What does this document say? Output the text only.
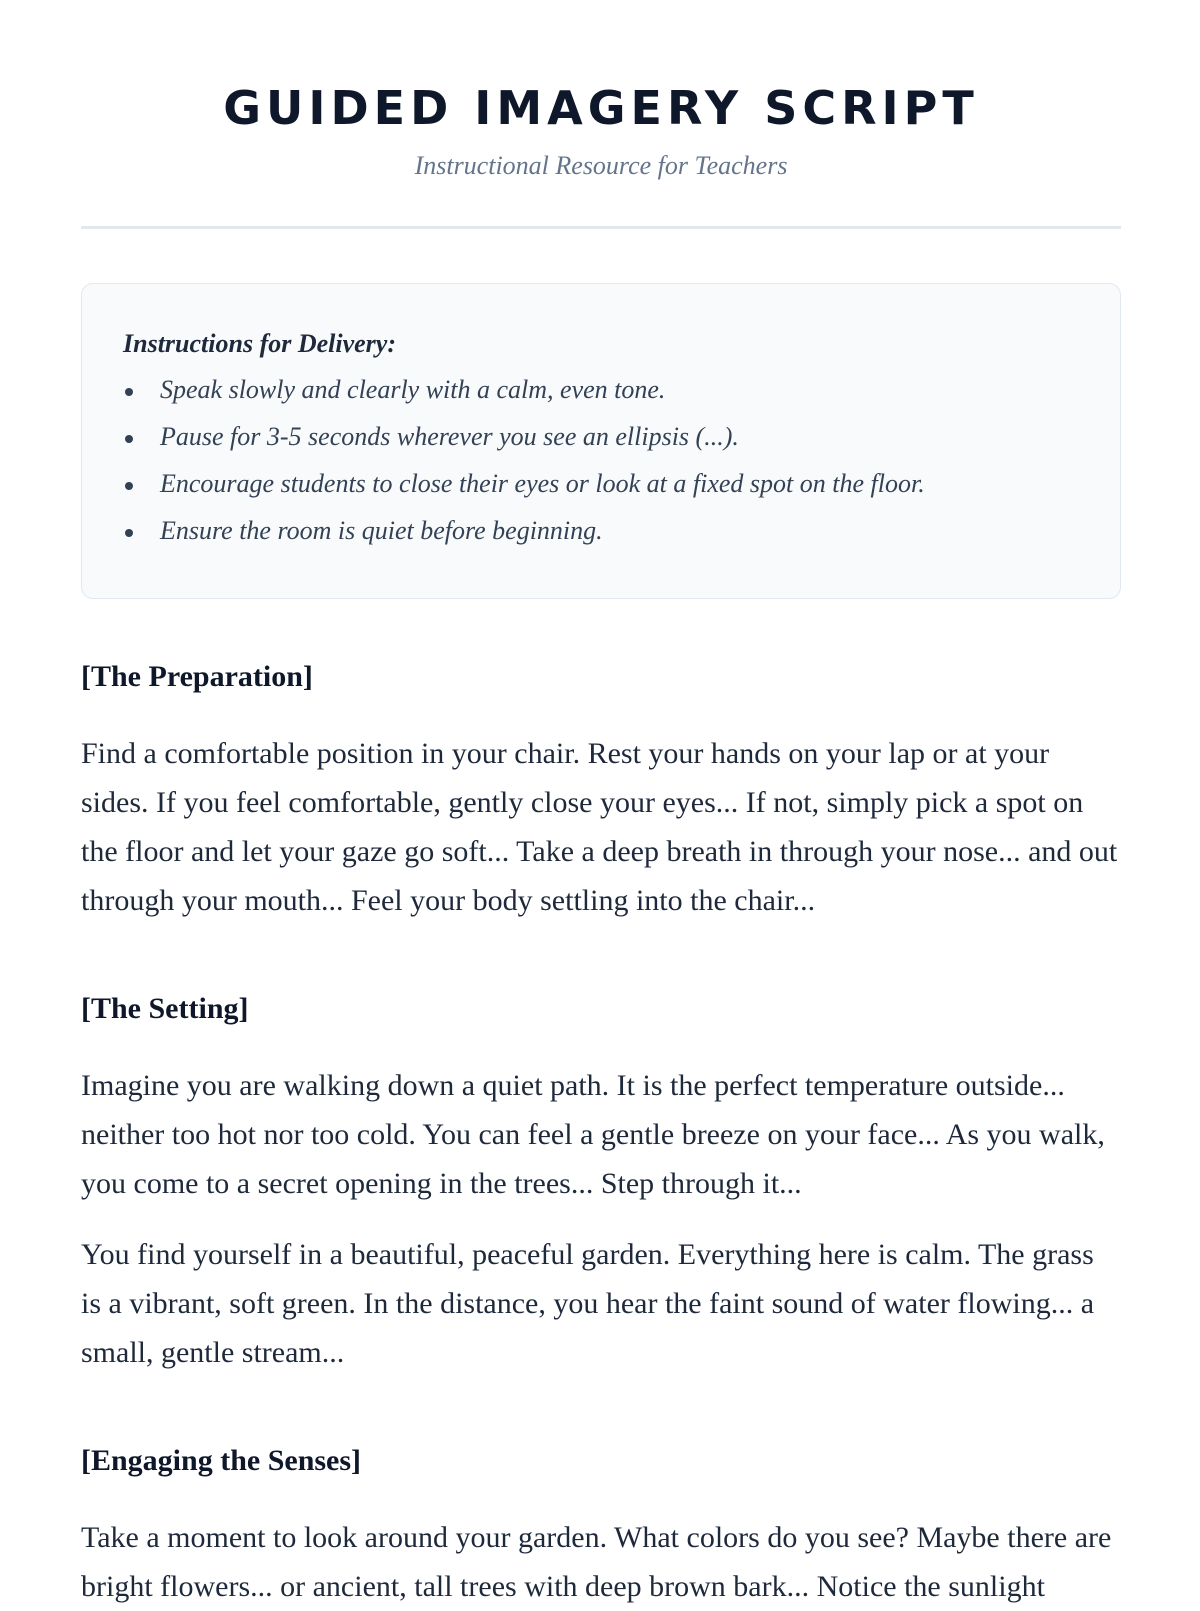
GUIDED IMAGERY SCRIPT

Instructional Resource for Teachers

Instructions for Delivery:

Speak slowly and clearly with a calm, even tone.
Pause for 3-5 seconds wherever you see an ellipsis (...).
Encourage students to close their eyes or look at a fixed spot on the floor.
Ensure the room is quiet before beginning.
[The Preparation]

Find a comfortable position in your chair. Rest your hands on your lap or at your sides. If you feel comfortable, gently close your eyes... If not, simply pick a spot on the floor and let your gaze go soft... Take a deep breath in through your nose... and out through your mouth... Feel your body settling into the chair...

[The Setting]

Imagine you are walking down a quiet path. It is the perfect temperature outside... neither too hot nor too cold. You can feel a gentle breeze on your face... As you walk, you come to a secret opening in the trees... Step through it...

You find yourself in a beautiful, peaceful garden. Everything here is calm. The grass is a vibrant, soft green. In the distance, you hear the faint sound of water flowing... a small, gentle stream...

[Engaging the Senses]

Take a moment to look around your garden. What colors do you see? Maybe there are bright flowers... or ancient, tall trees with deep brown bark... Notice the sunlight
